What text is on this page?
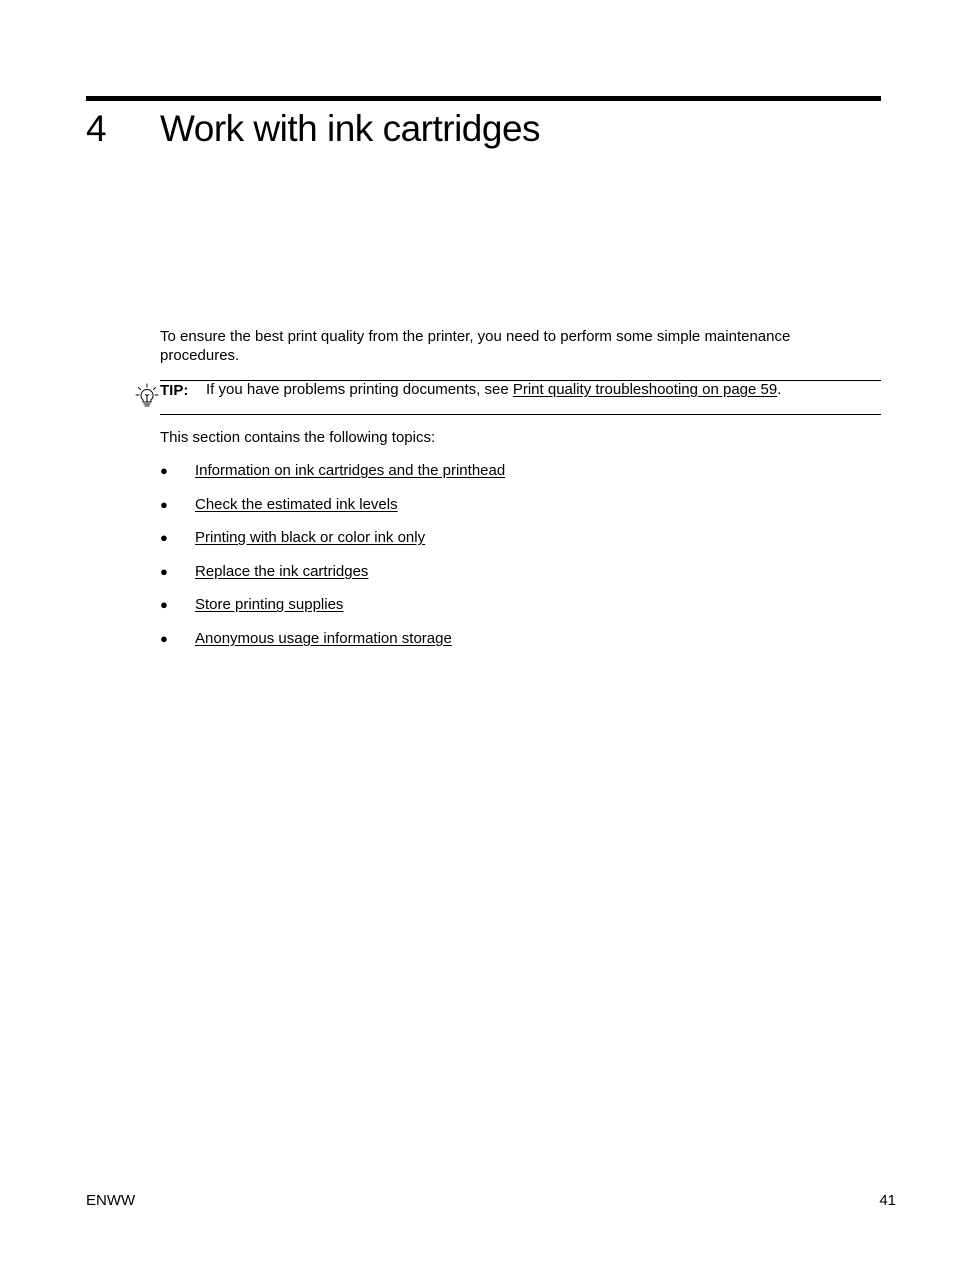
4 Work with ink cartridges

To ensure the best print quality from the printer, you need to perform some simple maintenance procedures.

TIP: If you have problems printing documents, see Print quality troubleshooting on page 59.

This section contains the following topics:

● Information on ink cartridges and the printhead
● Check the estimated ink levels
● Printing with black or color ink only
● Replace the ink cartridges
● Store printing supplies
● Anonymous usage information storage
ENWW	41
